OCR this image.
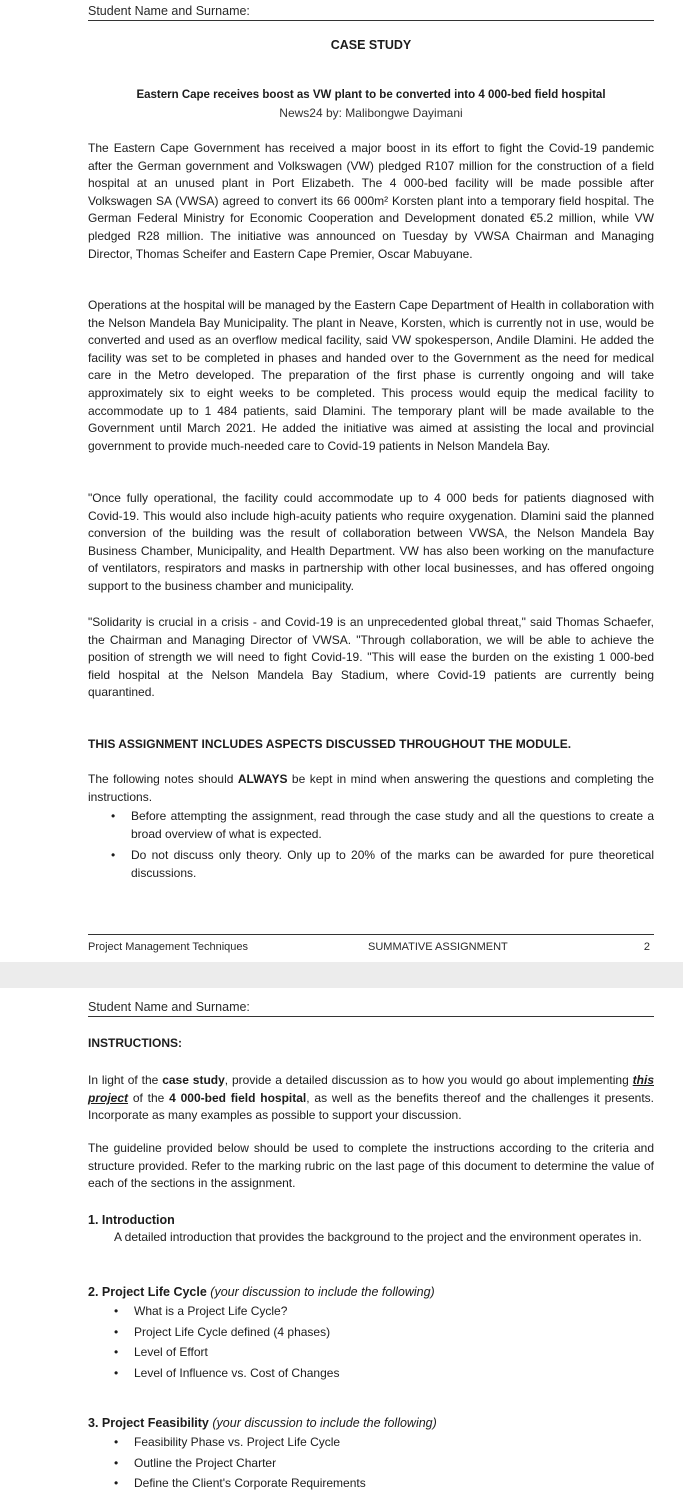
Student Name and Surname:
CASE STUDY
Eastern Cape receives boost as VW plant to be converted into 4 000-bed field hospital
News24 by: Malibongwe Dayimani

The Eastern Cape Government has received a major boost in its effort to fight the Covid-19 pandemic after the German government and Volkswagen (VW) pledged R107 million for the construction of a field hospital at an unused plant in Port Elizabeth. The 4 000-bed facility will be made possible after Volkswagen SA (VWSA) agreed to convert its 66 000m² Korsten plant into a temporary field hospital. The German Federal Ministry for Economic Cooperation and Development donated €5.2 million, while VW pledged R28 million. The initiative was announced on Tuesday by VWSA Chairman and Managing Director, Thomas Scheifer and Eastern Cape Premier, Oscar Mabuyane.

Operations at the hospital will be managed by the Eastern Cape Department of Health in collaboration with the Nelson Mandela Bay Municipality. The plant in Neave, Korsten, which is currently not in use, would be converted and used as an overflow medical facility, said VW spokesperson, Andile Dlamini. He added the facility was set to be completed in phases and handed over to the Government as the need for medical care in the Metro developed. The preparation of the first phase is currently ongoing and will take approximately six to eight weeks to be completed. This process would equip the medical facility to accommodate up to 1 484 patients, said Dlamini. The temporary plant will be made available to the Government until March 2021. He added the initiative was aimed at assisting the local and provincial government to provide much-needed care to Covid-19 patients in Nelson Mandela Bay.

"Once fully operational, the facility could accommodate up to 4 000 beds for patients diagnosed with Covid-19. This would also include high-acuity patients who require oxygenation. Dlamini said the planned conversion of the building was the result of collaboration between VWSA, the Nelson Mandela Bay Business Chamber, Municipality, and Health Department. VW has also been working on the manufacture of ventilators, respirators and masks in partnership with other local businesses, and has offered ongoing support to the business chamber and municipality.

"Solidarity is crucial in a crisis - and Covid-19 is an unprecedented global threat," said Thomas Schaefer, the Chairman and Managing Director of VWSA. "Through collaboration, we will be able to achieve the position of strength we will need to fight Covid-19. "This will ease the burden on the existing 1 000-bed field hospital at the Nelson Mandela Bay Stadium, where Covid-19 patients are currently being quarantined.

THIS ASSIGNMENT INCLUDES ASPECTS DISCUSSED THROUGHOUT THE MODULE.

The following notes should ALWAYS be kept in mind when answering the questions and completing the instructions.

• Before attempting the assignment, read through the case study and all the questions to create a broad overview of what is expected.
• Do not discuss only theory. Only up to 20% of the marks can be awarded for pure theoretical discussions.
Project Management Techniques	SUMMATIVE ASSIGNMENT	2
Student Name and Surname:
INSTRUCTIONS:

In light of the case study, provide a detailed discussion as to how you would go about implementing this project of the 4 000-bed field hospital, as well as the benefits thereof and the challenges it presents. Incorporate as many examples as possible to support your discussion.

The guideline provided below should be used to complete the instructions according to the criteria and structure provided. Refer to the marking rubric on the last page of this document to determine the value of each of the sections in the assignment.

1. Introduction

A detailed introduction that provides the background to the project and the environment operates in.

2. Project Life Cycle (your discussion to include the following)
• What is a Project Life Cycle?
• Project Life Cycle defined (4 phases)
• Level of Effort
• Level of Influence vs. Cost of Changes
3. Project Feasibility (your discussion to include the following)
• Feasibility Phase vs. Project Life Cycle
• Outline the Project Charter
• Define the Client's Corporate Requirements
